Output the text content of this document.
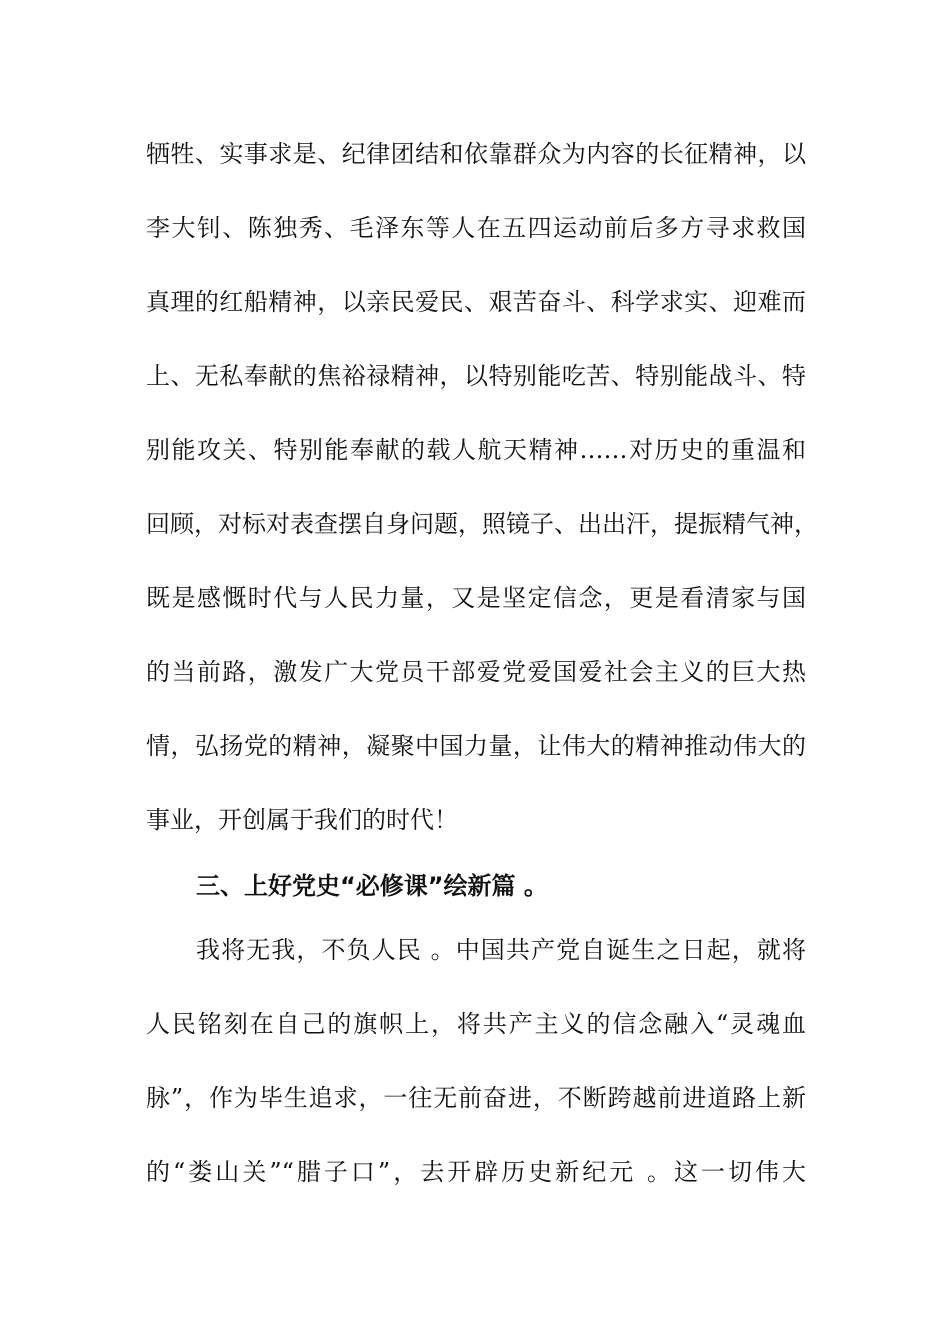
牺牲、实事求是、纪律团结和依靠群众为内容的长征精神，以
李大钊、陈独秀、毛泽东等人在五四运动前后多方寻求救国
真理的红船精神，以亲民爱民、艰苦奋斗、科学求实、迎难而
上、无私奉献的焦裕禄精神，以特别能吃苦、特别能战斗、特
别能攻关、特别能奉献的载人航天精神……对历史的重温和
回顾，对标对表查摆自身问题，照镜子、出出汗，提振精气神，
既是感慨时代与人民力量，又是坚定信念，更是看清家与国
的当前路，激发广大党员干部爱党爱国爱社会主义的巨大热
情，弘扬党的精神，凝聚中国力量，让伟大的精神推动伟大的
事业，开创属于我们的时代！
三、上好党史“必修课”绘新篇 。
我将无我，不负人民 。中国共产党自诞生之日起，就将
人民铭刻在自己的旗帜上，将共产主义的信念融入“灵魂血
脉”，作为毕生追求，一往无前奋进，不断跨越前进道路上新
的“娄山关”“腊子口”，去开辟历史新纪元 。这一切伟大
